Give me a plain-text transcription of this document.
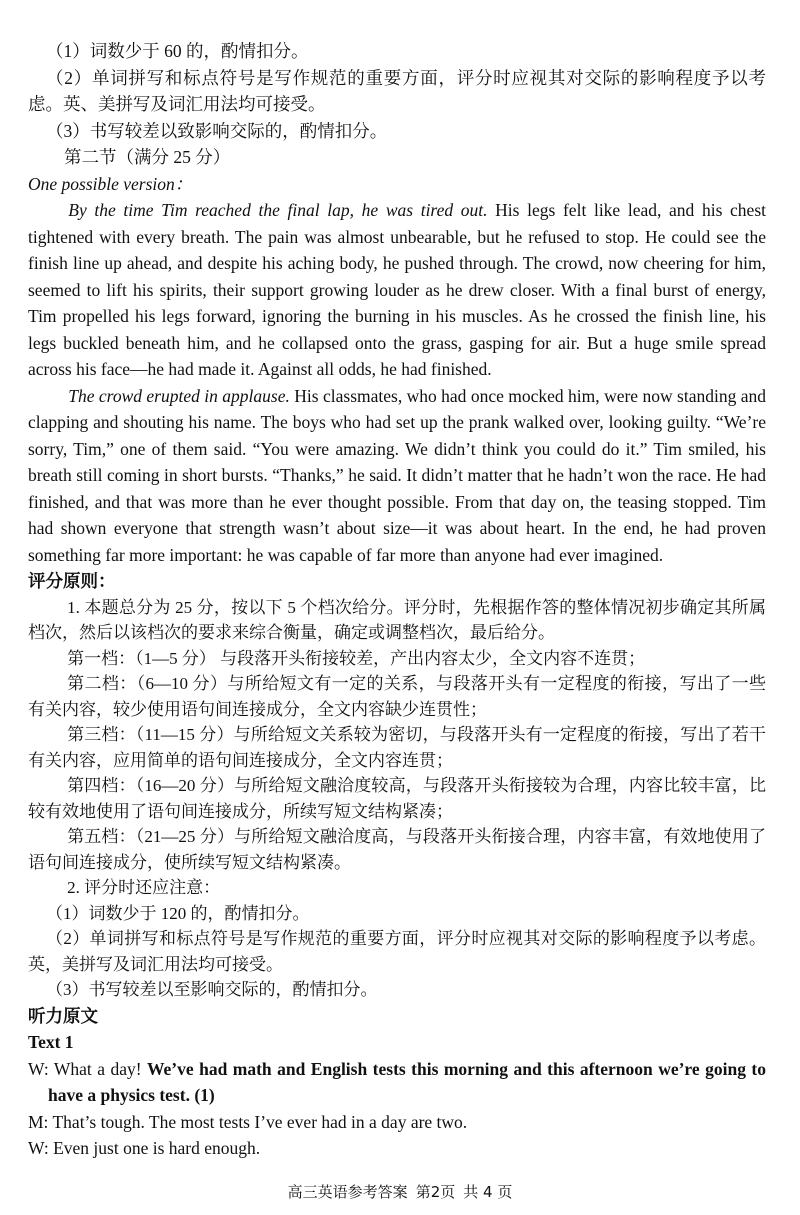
（1）词数少于 60 的，酌情扣分。

（2）单词拼写和标点符号是写作规范的重要方面，评分时应视其对交际的影响程度予以考虑。英、美拼写及词汇用法均可接受。

（3）书写较差以致影响交际的，酌情扣分。

第二节（满分 25 分）

One possible version：

By the time Tim reached the final lap, he was tired out. His legs felt like lead, and his chest tightened with every breath. The pain was almost unbearable, but he refused to stop. He could see the finish line up ahead, and despite his aching body, he pushed through. The crowd, now cheering for him, seemed to lift his spirits, their support growing louder as he drew closer. With a final burst of energy, Tim propelled his legs forward, ignoring the burning in his muscles. As he crossed the finish line, his legs buckled beneath him, and he collapsed onto the grass, gasping for air. But a huge smile spread across his face—he had made it. Against all odds, he had finished.

The crowd erupted in applause. His classmates, who had once mocked him, were now standing and clapping and shouting his name. The boys who had set up the prank walked over, looking guilty. “We’re sorry, Tim,” one of them said. “You were amazing. We didn’t think you could do it.” Tim smiled, his breath still coming in short bursts. “Thanks,” he said. It didn’t matter that he hadn’t won the race. He had finished, and that was more than he ever thought possible. From that day on, the teasing stopped. Tim had shown everyone that strength wasn’t about size—it was about heart. In the end, he had proven something far more important: he was capable of far more than anyone had ever imagined.

评分原则：

1. 本题总分为 25 分，按以下 5 个档次给分。评分时，先根据作答的整体情况初步确定其所属档次，然后以该档次的要求来综合衡量，确定或调整档次，最后给分。

第一档：（1—5 分） 与段落开头衔接较差，产出内容太少，全文内容不连贯；

第二档：（6—10 分）与所给短文有一定的关系，与段落开头有一定程度的衔接，写出了一些有关内容，较少使用语句间连接成分，全文内容缺少连贯性；

第三档：（11—15 分）与所给短文关系较为密切，与段落开头有一定程度的衔接，写出了若干有关内容，应用简单的语句间连接成分，全文内容连贯；

第四档：（16—20 分）与所给短文融洽度较高，与段落开头衔接较为合理，内容比较丰富，比较有效地使用了语句间连接成分，所续写短文结构紧凑；

第五档：（21—25 分）与所给短文融洽度高，与段落开头衔接合理，内容丰富，有效地使用了语句间连接成分，使所续写短文结构紧凑。

2. 评分时还应注意：

（1）词数少于 120 的，酌情扣分。

（2）单词拼写和标点符号是写作规范的重要方面，评分时应视其对交际的影响程度予以考虑。英，美拼写及词汇用法均可接受。

（3）书写较差以至影响交际的，酌情扣分。

听力原文

Text 1

W: What a day! We’ve had math and English tests this morning and this afternoon we’re going to have a physics test. (1)

M: That’s tough. The most tests I’ve ever had in a day are two.

W: Even just one is hard enough.

高三英语参考答案 第2页 共 4 页
